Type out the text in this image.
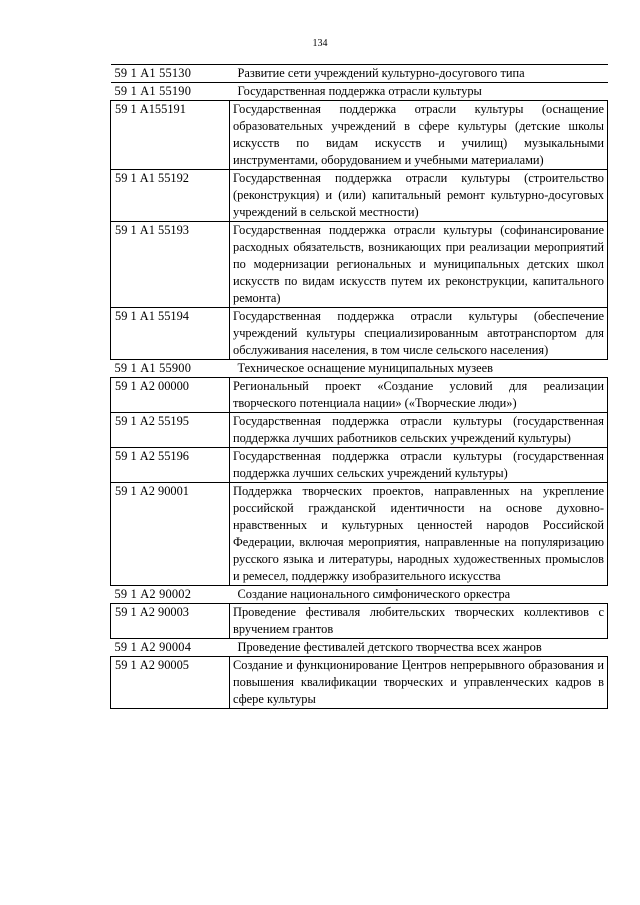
134
59 1 А1 55130	Развитие сети учреждений культурно-досугового типа
59 1 А1 55190	Государственная поддержка отрасли культуры
59 1 А155191	Государственная поддержка отрасли культуры (оснащение образовательных учреждений в сфере культуры (детские школы искусств по видам искусств и училищ) музыкальными инструментами, оборудованием и учебными материалами)
59 1 А1 55192	Государственная поддержка отрасли культуры (строительство (реконструкция) и (или) капитальный ремонт культурно-досуговых учреждений в сельской местности)
59 1 А1 55193	Государственная поддержка отрасли культуры (софинансирование расходных обязательств, возникающих при реализации мероприятий по модернизации региональных и муниципальных детских школ искусств по видам искусств путем их реконструкции, капитального ремонта)
59 1 А1 55194	Государственная поддержка отрасли культуры (обеспечение учреждений культуры специализированным автотранспортом для обслуживания населения, в том числе сельского населения)
59 1 А1 55900	Техническое оснащение муниципальных музеев
59 1 А2 00000	Региональный проект «Создание условий для реализации творческого потенциала нации» («Творческие люди»)
59 1 А2 55195	Государственная поддержка отрасли культуры (государственная поддержка лучших работников сельских учреждений культуры)
59 1 А2 55196	Государственная поддержка отрасли культуры (государственная поддержка лучших сельских учреждений культуры)
59 1 А2 90001	Поддержка творческих проектов, направленных на укрепление российской гражданской идентичности на основе духовно-нравственных и культурных ценностей народов Российской Федерации, включая мероприятия, направленные на популяризацию русского языка и литературы, народных художественных промыслов и ремесел, поддержку изобразительного искусства
59 1 А2 90002	Создание национального симфонического оркестра
59 1 А2 90003	Проведение фестиваля любительских творческих коллективов с вручением грантов
59 1 А2 90004	Проведение фестивалей детского творчества всех жанров
59 1 А2 90005	Создание и функционирование Центров непрерывного образования и повышения квалификации творческих и управленческих кадров в сфере культуры
